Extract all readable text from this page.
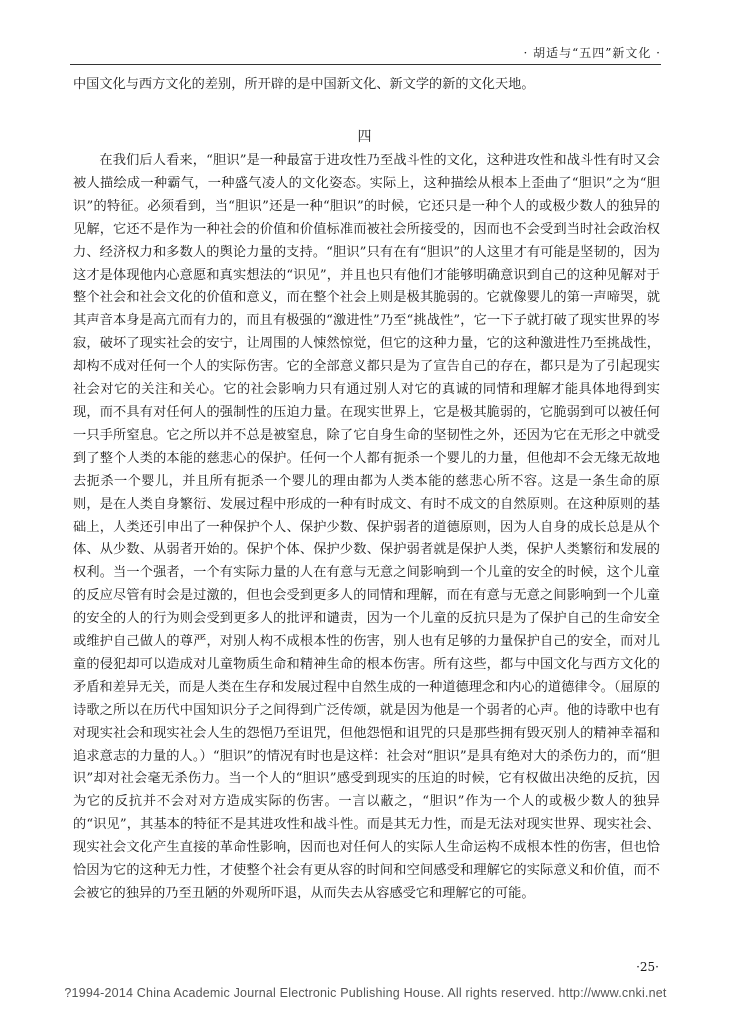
· 胡适与“五四”新文化 ·
中国文化与西方文化的差别，所开辟的是中国新文化、新文学的新的文化天地。
四

在我们后人看来，“胆识”是一种最富于进攻性乃至战斗性的文化，这种进攻性和战斗性有时又会被人描绘成一种霸气，一种盛气凌人的文化姿态。实际上，这种描绘从根本上歪曲了“胆识”之为“胆识”的特征。必须看到，当“胆识”还是一种“胆识”的时候，它还只是一种个人的或极少数人的独异的见解，它还不是作为一种社会的价值和价值标准而被社会所接受的，因而也不会受到当时社会政治权力、经济权力和多数人的舆论力量的支持。“胆识”只有在有“胆识”的人这里才有可能是坚韧的，因为这才是体现他内心意愿和真实想法的“识见”，并且也只有他们才能够明确意识到自己的这种见解对于整个社会和社会文化的价值和意义，而在整个社会上则是极其脆弱的。它就像婴儿的第一声啼哭，就其声音本身是高亢而有力的，而且有极强的“激进性”乃至“挑战性”，它一下子就打破了现实世界的岑寂，破坏了现实社会的安宁，让周围的人悚然惊觉，但它的这种力量，它的这种激进性乃至挑战性，却构不成对任何一个人的实际伤害。它的全部意义都只是为了宣告自己的存在，都只是为了引起现实社会对它的关注和关心。它的社会影响力只有通过别人对它的真诚的同情和理解才能具体地得到实现，而不具有对任何人的强制性的压迫力量。在现实世界上，它是极其脆弱的，它脆弱到可以被任何一只手所窒息。它之所以并不总是被窒息，除了它自身生命的坚韧性之外，还因为它在无形之中就受到了整个人类的本能的慈悲心的保护。任何一个人都有扼杀一个婴儿的力量，但他却不会无缘无故地去扼杀一个婴儿，并且所有扼杀一个婴儿的理由都为人类本能的慈悲心所不容。这是一条生命的原则，是在人类自身繁衍、发展过程中形成的一种有时成文、有时不成文的自然原则。在这种原则的基础上，人类还引申出了一种保护个人、保护少数、保护弱者的道德原则，因为人自身的成长总是从个体、从少数、从弱者开始的。保护个体、保护少数、保护弱者就是保护人类，保护人类繁衍和发展的权利。当一个强者，一个有实际力量的人在有意与无意之间影响到一个儿童的安全的时候，这个儿童的反应尽管有时会是过激的，但也会受到更多人的同情和理解，而在有意与无意之间影响到一个儿童的安全的人的行为则会受到更多人的批评和谴责，因为一个儿童的反抗只是为了保护自己的生命安全或维护自己做人的尊严，对别人构不成根本性的伤害，别人也有足够的力量保护自己的安全，而对儿童的侵犯却可以造成对儿童物质生命和精神生命的根本伤害。所有这些，都与中国文化与西方文化的矛盾和差异无关，而是人类在生存和发展过程中自然生成的一种道德理念和内心的道德律令。（屈原的诗歌之所以在历代中国知识分子之间得到广泛传颂，就是因为他是一个弱者的心声。他的诗歌中也有对现实社会和现实社会人生的怨悒乃至诅咒，但他怨悒和诅咒的只是那些拥有毁灭别人的精神幸福和追求意志的力量的人。）“胆识”的情况有时也是这样：社会对“胆识”是具有绝对大的杀伤力的，而“胆识”却对社会毫无杀伤力。当一个人的“胆识”感受到现实的压迫的时候，它有权做出决绝的反抗，因为它的反抗并不会对对方造成实际的伤害。一言以蔽之，“胆识”作为一个人的或极少数人的独异的“识见”，其基本的特征不是其进攻性和战斗性。而是其无力性，而是无法对现实世界、现实社会、现实社会文化产生直接的革命性影响，因而也对任何人的实际人生命运构不成根本性的伤害，但也恰恰因为它的这种无力性，才使整个社会有更从容的时间和空间感受和理解它的实际意义和价值，而不会被它的独异的乃至丑陋的外观所吓退，从而失去从容感受它和理解它的可能。

·25·
?1994-2014 China Academic Journal Electronic Publishing House. All rights reserved. http://www.cnki.net
